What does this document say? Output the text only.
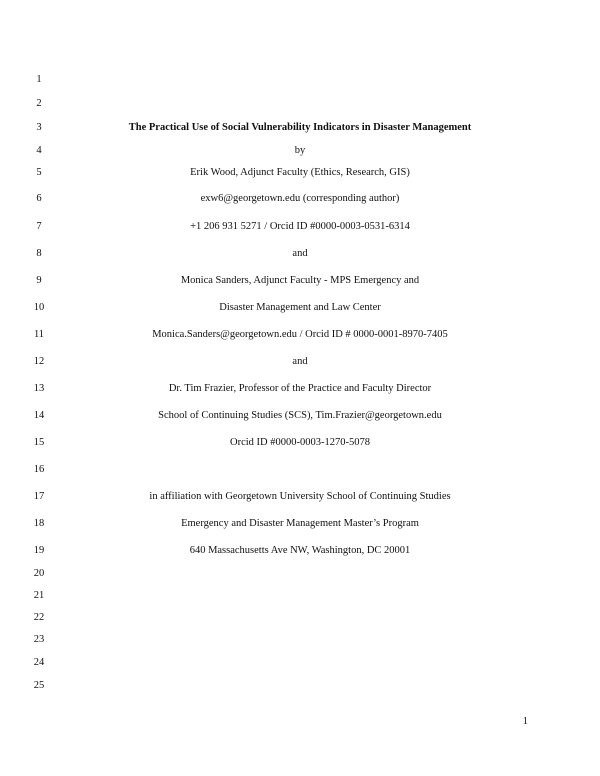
1
2
3	The Practical Use of Social Vulnerability Indicators in Disaster Management
4	by
5	Erik Wood, Adjunct Faculty (Ethics, Research, GIS)
6	exw6@georgetown.edu (corresponding author)
7	+1 206 931 5271 / Orcid ID #0000-0003-0531-6314
8	and
9	Monica Sanders, Adjunct Faculty - MPS Emergency and
10	Disaster Management and Law Center
11	Monica.Sanders@georgetown.edu / Orcid ID # 0000-0001-8970-7405
12	and
13	Dr. Tim Frazier, Professor of the Practice and Faculty Director
14	School of Continuing Studies (SCS), Tim.Frazier@georgetown.edu
15	Orcid ID #0000-0003-1270-5078
16
17	in affiliation with Georgetown University School of Continuing Studies
18	Emergency and Disaster Management Master’s Program
19	640 Massachusetts Ave NW, Washington, DC 20001
20
21
22
23
24
25
1
